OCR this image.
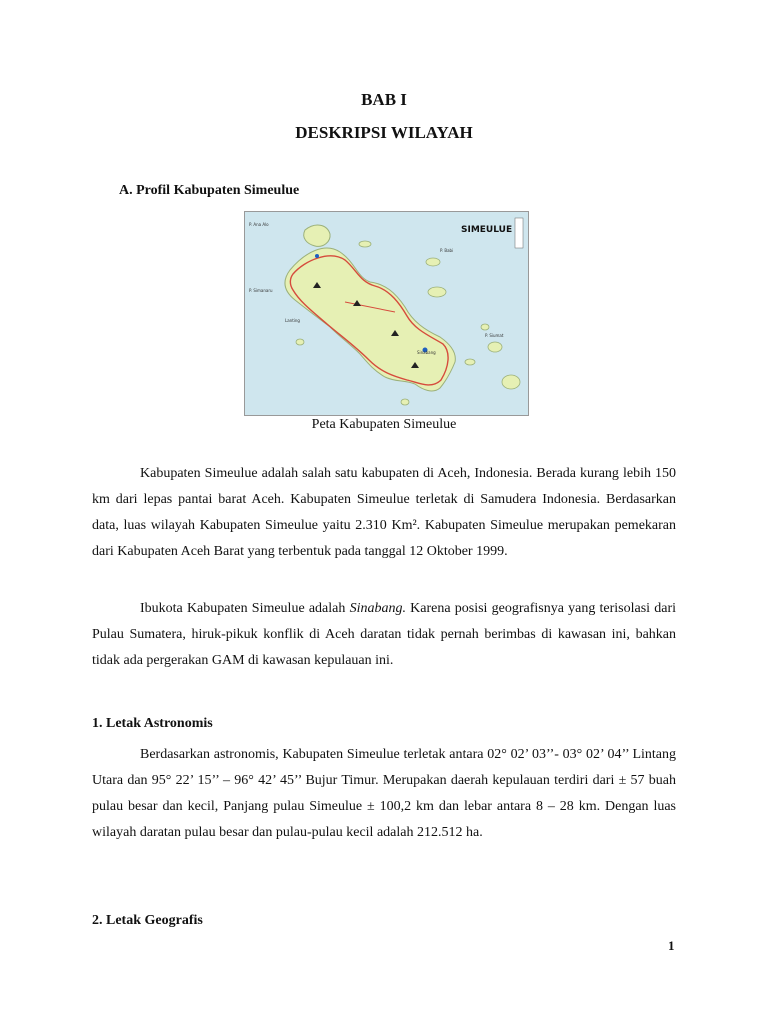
BAB I
DESKRIPSI WILAYAH
A. Profil Kabupaten Simeulue
SIMEULUE
P. Ana Alo
P. Simanaru
Lanting
P. Babi
P. Siumat
Sinabang
Peta Kabupaten Simeulue
Kabupaten Simeulue adalah salah satu kabupaten di Aceh, Indonesia. Berada kurang lebih 150 km dari lepas pantai barat Aceh. Kabupaten Simeulue terletak di Samudera Indonesia. Berdasarkan data, luas wilayah Kabupaten Simeulue yaitu 2.310 Km². Kabupaten Simeulue merupakan pemekaran dari Kabupaten Aceh Barat yang terbentuk pada tanggal 12 Oktober 1999.
Ibukota Kabupaten Simeulue adalah Sinabang. Karena posisi geografisnya yang terisolasi dari Pulau Sumatera, hiruk-pikuk konflik di Aceh daratan tidak pernah berimbas di kawasan ini, bahkan tidak ada pergerakan GAM di kawasan kepulauan ini.
1. Letak Astronomis
Berdasarkan astronomis, Kabupaten Simeulue terletak antara 02° 02’ 03’’- 03° 02’ 04’’ Lintang Utara dan 95° 22’ 15’’ – 96° 42’ 45’’ Bujur Timur. Merupakan daerah kepulauan terdiri dari ± 57 buah pulau besar dan kecil, Panjang pulau Simeulue ± 100,2 km dan lebar antara 8 – 28 km. Dengan luas wilayah daratan pulau besar dan pulau-pulau kecil adalah 212.512 ha.
2. Letak Geografis
1
